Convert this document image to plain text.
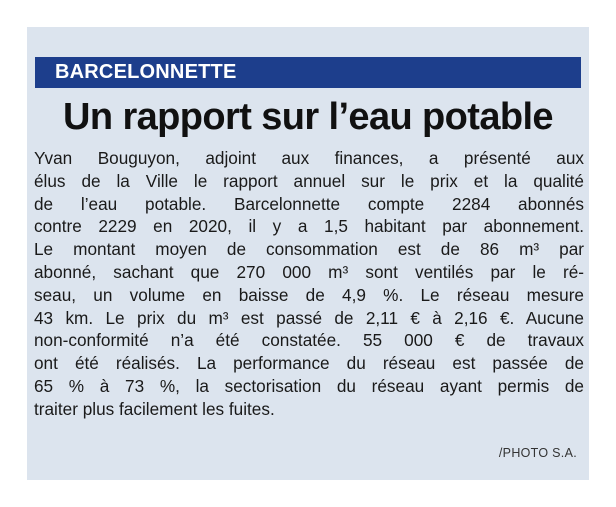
BARCELONNETTE
Un rapport sur l’eau potable
Yvan Bouguyon, adjoint aux finances, a présenté aux
élus de la Ville le rapport annuel sur le prix et la qualité
de l’eau potable. Barcelonnette compte 2284 abonnés
contre 2229 en 2020, il y a 1,5 habitant par abonnement.
Le montant moyen de consommation est de 86 m³ par
abonné, sachant que 270 000 m³ sont ventilés par le ré-
seau, un volume en baisse de 4,9 %. Le réseau mesure
43 km. Le prix du m³ est passé de 2,11 € à 2,16 €. Aucune
non-conformité n’a été constatée. 55 000 € de travaux
ont été réalisés. La performance du réseau est passée de
65 % à 73 %, la sectorisation du réseau ayant permis de
traiter plus facilement les fuites.
/PHOTO S.A.
